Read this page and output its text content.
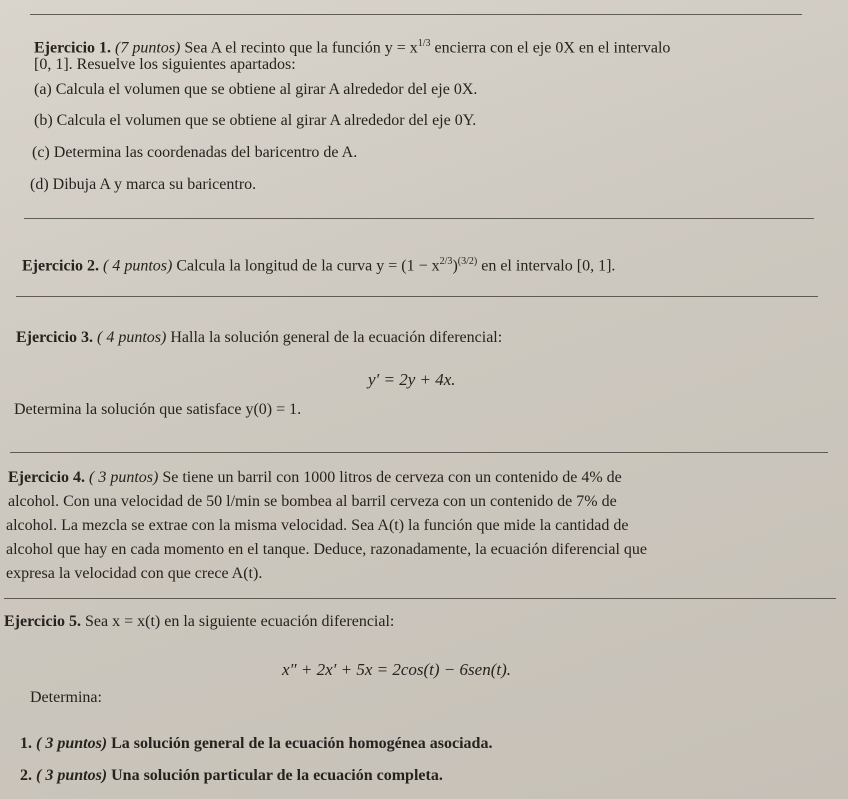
Ejercicio 1. (7 puntos) Sea A el recinto que la función $y = x^{1/3}$ encierra con el eje 0X en el intervalo
[0, 1]. Resuelve los siguientes apartados:
(a) Calcula el volumen que se obtiene al girar A alrededor del eje 0X.
(b) Calcula el volumen que se obtiene al girar A alrededor del eje 0Y.
(c) Determina las coordenadas del baricentro de A.
(d) Dibuja A y marca su baricentro.
Ejercicio 2. ( 4 puntos) Calcula la longitud de la curva $y = (1 - x^{2/3})^{(3/2)}$ en el intervalo [0, 1].
Ejercicio 3. ( 4 puntos) Halla la solución general de la ecuación diferencial:
y′ = 2y + 4x.
Determina la solución que satisface y(0) = 1.
Ejercicio 4. ( 3 puntos) Se tiene un barril con 1000 litros de cerveza con un contenido de 4% de
alcohol. Con una velocidad de 50 l/min se bombea al barril cerveza con un contenido de 7% de
alcohol. La mezcla se extrae con la misma velocidad. Sea A(t) la función que mide la cantidad de
alcohol que hay en cada momento en el tanque. Deduce, razonadamente, la ecuación diferencial que
expresa la velocidad con que crece A(t).
Ejercicio 5. Sea x = x(t) en la siguiente ecuación diferencial:
x″ + 2x′ + 5x = 2cos(t) − 6sen(t).
Determina:
1. ( 3 puntos) La solución general de la ecuación homogénea asociada.
2. ( 3 puntos) Una solución particular de la ecuación completa.
